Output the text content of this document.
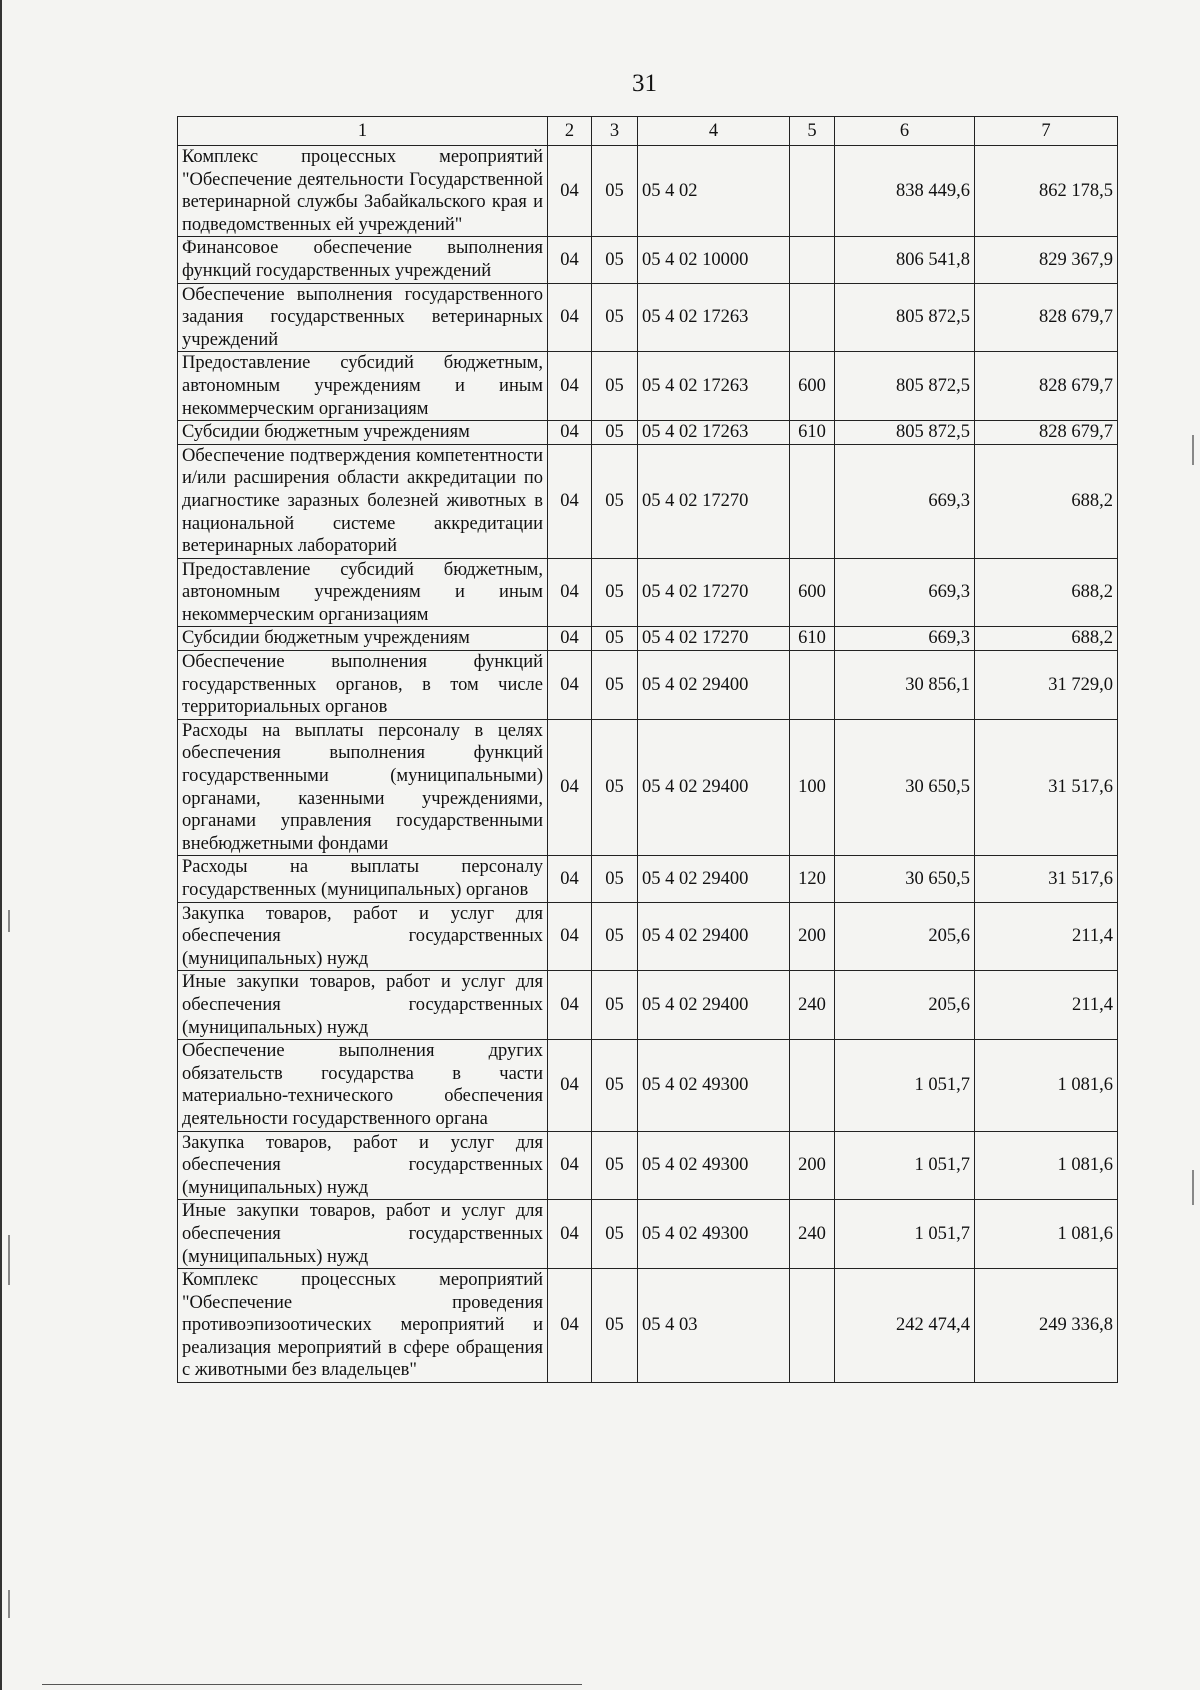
31
1	2	3	4	5	6	7
Комплекс процессных мероприятий "Обеспечение деятельности Государственной ветеринарной службы Забайкальского края и подведомственных ей учреждений"	04	05	05 4 02		838 449,6	862 178,5
Финансовое обеспечение выполнения функций государственных учреждений	04	05	05 4 02 10000		806 541,8	829 367,9
Обеспечение выполнения государственного задания государственных ветеринарных учреждений	04	05	05 4 02 17263		805 872,5	828 679,7
Предоставление субсидий бюджетным, автономным учреждениям и иным некоммерческим организациям	04	05	05 4 02 17263	600	805 872,5	828 679,7
Субсидии бюджетным учреждениям	04	05	05 4 02 17263	610	805 872,5	828 679,7
Обеспечение подтверждения компетентности и/или расширения области аккредитации по диагностике заразных болезней животных в национальной системе аккредитации ветеринарных лабораторий	04	05	05 4 02 17270		669,3	688,2
Предоставление субсидий бюджетным, автономным учреждениям и иным некоммерческим организациям	04	05	05 4 02 17270	600	669,3	688,2
Субсидии бюджетным учреждениям	04	05	05 4 02 17270	610	669,3	688,2
Обеспечение выполнения функций государственных органов, в том числе территориальных органов	04	05	05 4 02 29400		30 856,1	31 729,0
Расходы на выплаты персоналу в целях обеспечения выполнения функций государственными (муниципальными) органами, казенными учреждениями, органами управления государственными внебюджетными фондами	04	05	05 4 02 29400	100	30 650,5	31 517,6
Расходы на выплаты персоналу государственных (муниципальных) органов	04	05	05 4 02 29400	120	30 650,5	31 517,6
Закупка товаров, работ и услуг для обеспечения государственных (муниципальных) нужд	04	05	05 4 02 29400	200	205,6	211,4
Иные закупки товаров, работ и услуг для обеспечения государственных (муниципальных) нужд	04	05	05 4 02 29400	240	205,6	211,4
Обеспечение выполнения других обязательств государства в части материально-технического обеспечения деятельности государственного органа	04	05	05 4 02 49300		1 051,7	1 081,6
Закупка товаров, работ и услуг для обеспечения государственных (муниципальных) нужд	04	05	05 4 02 49300	200	1 051,7	1 081,6
Иные закупки товаров, работ и услуг для обеспечения государственных (муниципальных) нужд	04	05	05 4 02 49300	240	1 051,7	1 081,6
Комплекс процессных мероприятий "Обеспечение проведения противоэпизоотических мероприятий и реализация мероприятий в сфере обращения с животными без владельцев"	04	05	05 4 03		242 474,4	249 336,8
